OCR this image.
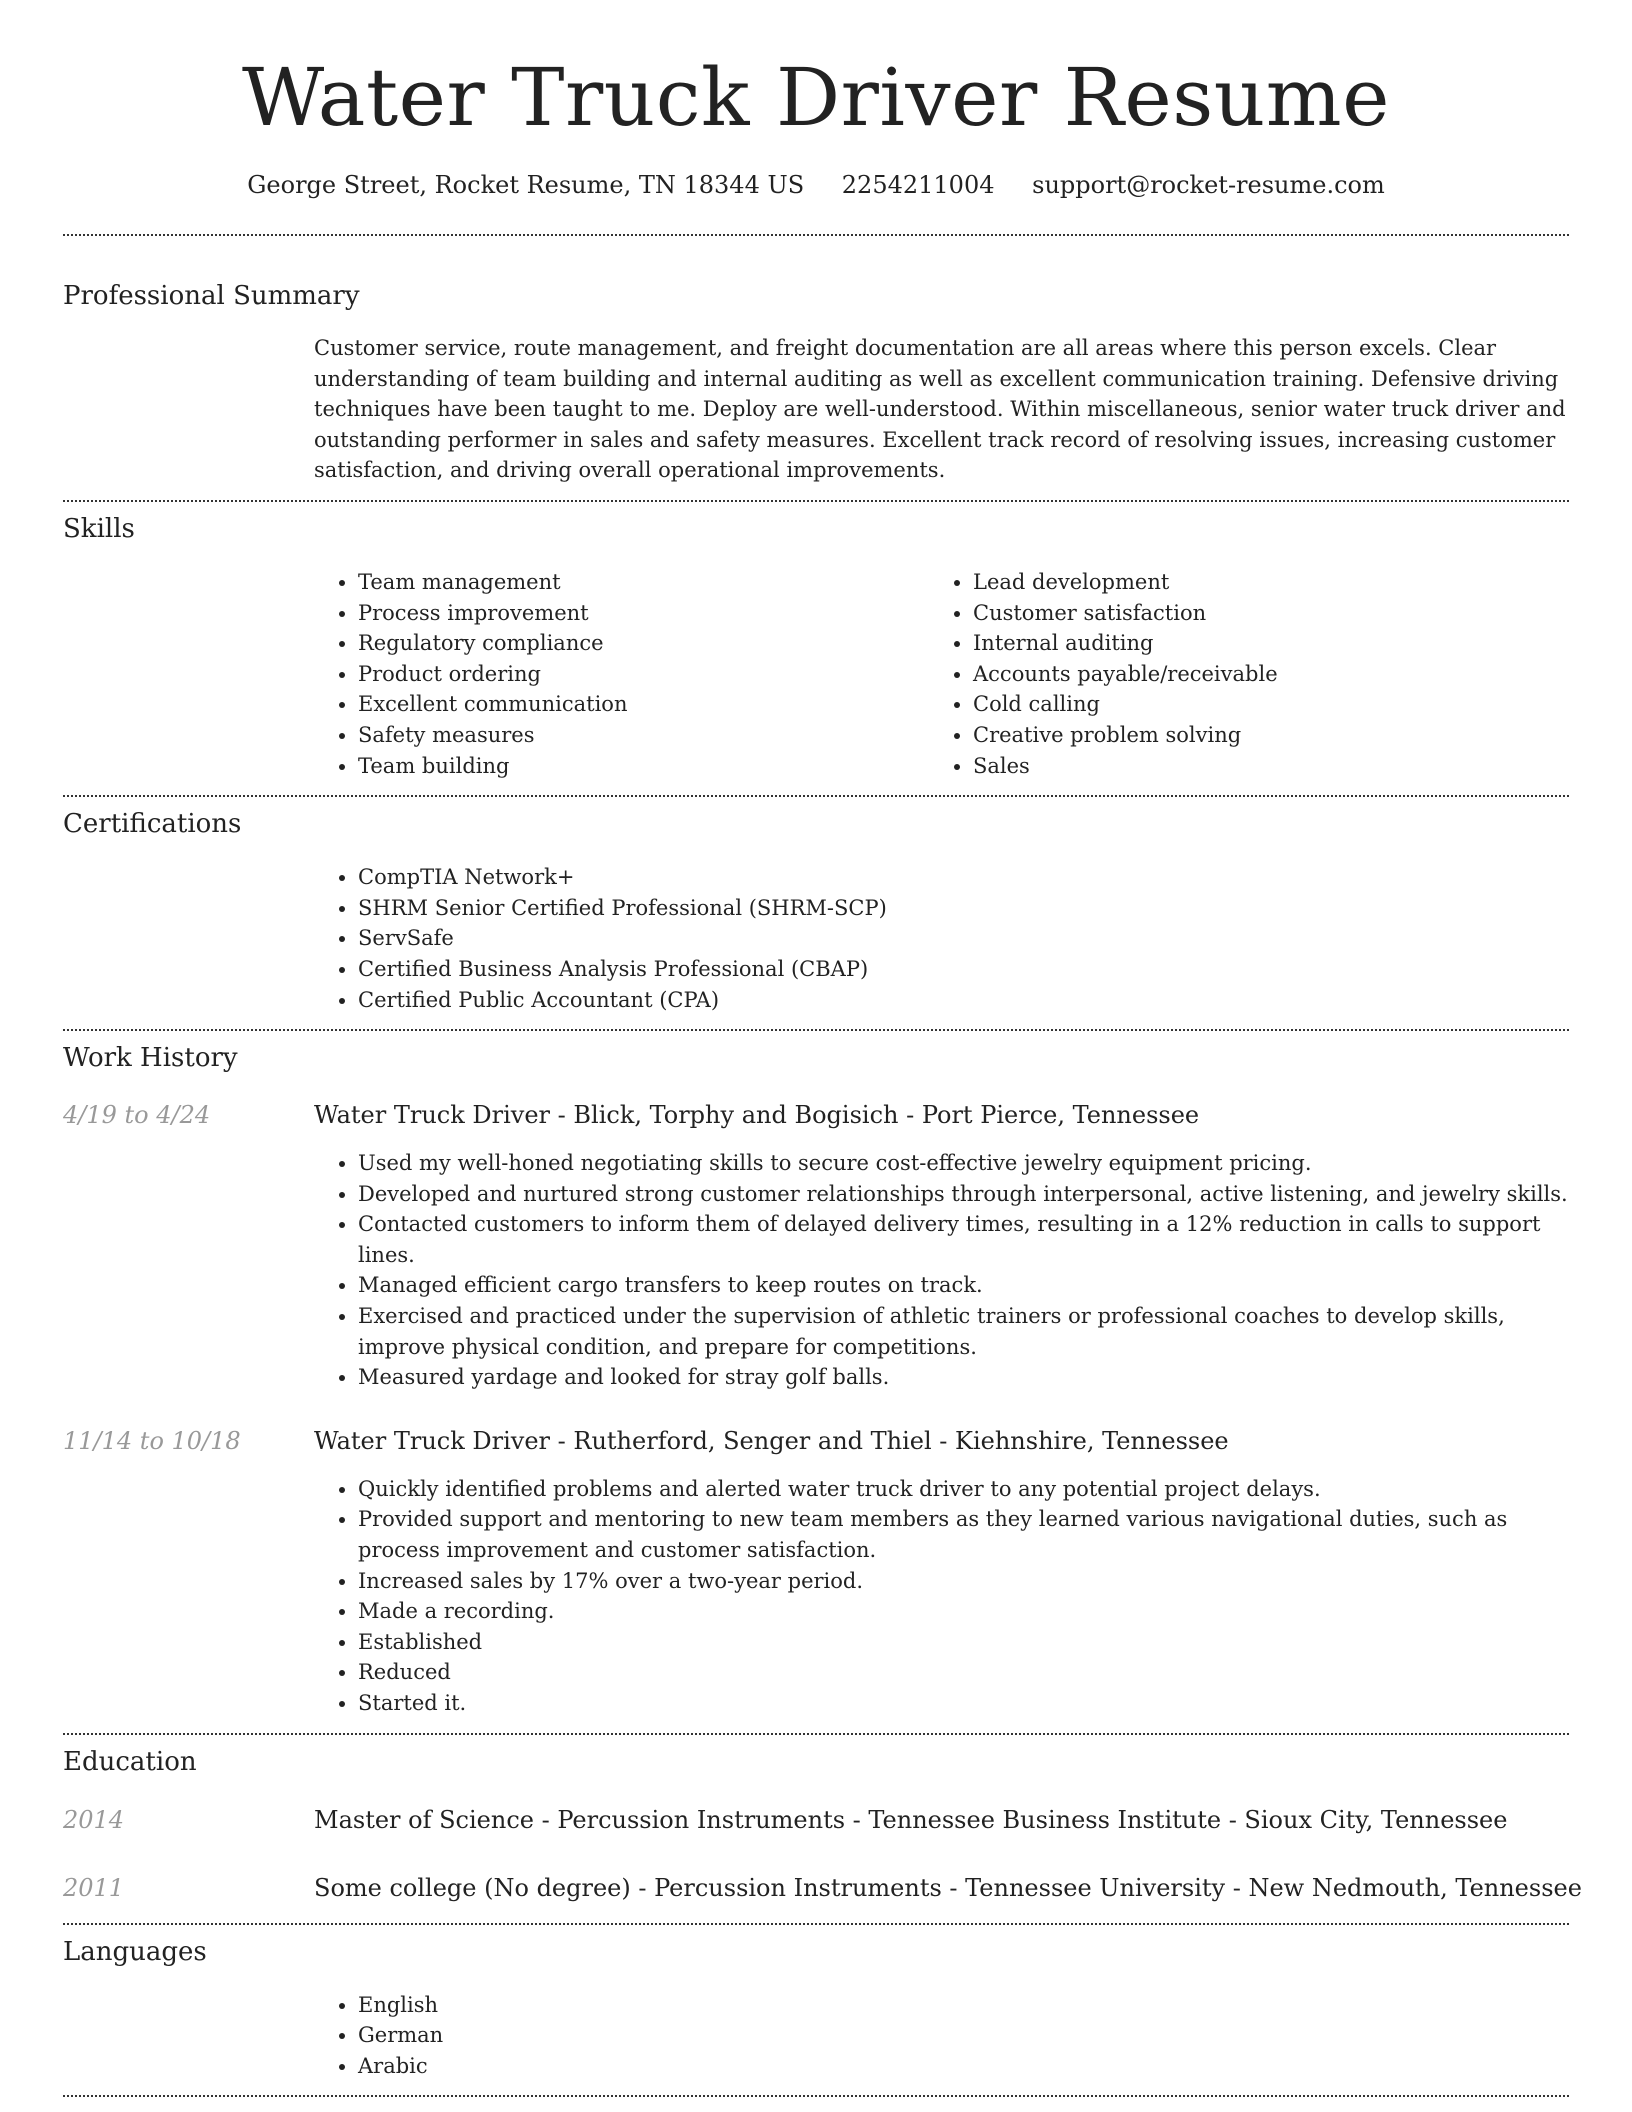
Water Truck Driver Resume
George Street, Rocket Resume, TN 18344 US 2254211004 support@rocket-resume.com
Professional Summary
Customer service, route management, and freight documentation are all areas where this person excels. Clear understanding of team building and internal auditing as well as excellent communication training. Defensive driving techniques have been taught to me. Deploy are well-understood. Within miscellaneous, senior water truck driver and outstanding performer in sales and safety measures. Excellent track record of resolving issues, increasing customer satisfaction, and driving overall operational improvements.
Skills
• Team management
• Process improvement
• Regulatory compliance
• Product ordering
• Excellent communication
• Safety measures
• Team building
• Lead development
• Customer satisfaction
• Internal auditing
• Accounts payable/receivable
• Cold calling
• Creative problem solving
• Sales
Certifications
• CompTIA Network+
• SHRM Senior Certified Professional (SHRM-SCP)
• ServSafe
• Certified Business Analysis Professional (CBAP)
• Certified Public Accountant (CPA)
Work History
4/19 to 4/24	Water Truck Driver - Blick, Torphy and Bogisich - Port Pierce, Tennessee
• Used my well-honed negotiating skills to secure cost-effective jewelry equipment pricing.
• Developed and nurtured strong customer relationships through interpersonal, active listening, and jewelry skills.
• Contacted customers to inform them of delayed delivery times, resulting in a 12% reduction in calls to support lines.
• Managed efficient cargo transfers to keep routes on track.
• Exercised and practiced under the supervision of athletic trainers or professional coaches to develop skills, improve physical condition, and prepare for competitions.
• Measured yardage and looked for stray golf balls.
11/14 to 10/18	Water Truck Driver - Rutherford, Senger and Thiel - Kiehnshire, Tennessee
• Quickly identified problems and alerted water truck driver to any potential project delays.
• Provided support and mentoring to new team members as they learned various navigational duties, such as process improvement and customer satisfaction.
• Increased sales by 17% over a two-year period.
• Made a recording.
• Established
• Reduced
• Started it.
Education
2014	Master of Science - Percussion Instruments - Tennessee Business Institute - Sioux City, Tennessee
2011	Some college (No degree) - Percussion Instruments - Tennessee University - New Nedmouth, Tennessee
Languages
• English
• German
• Arabic
